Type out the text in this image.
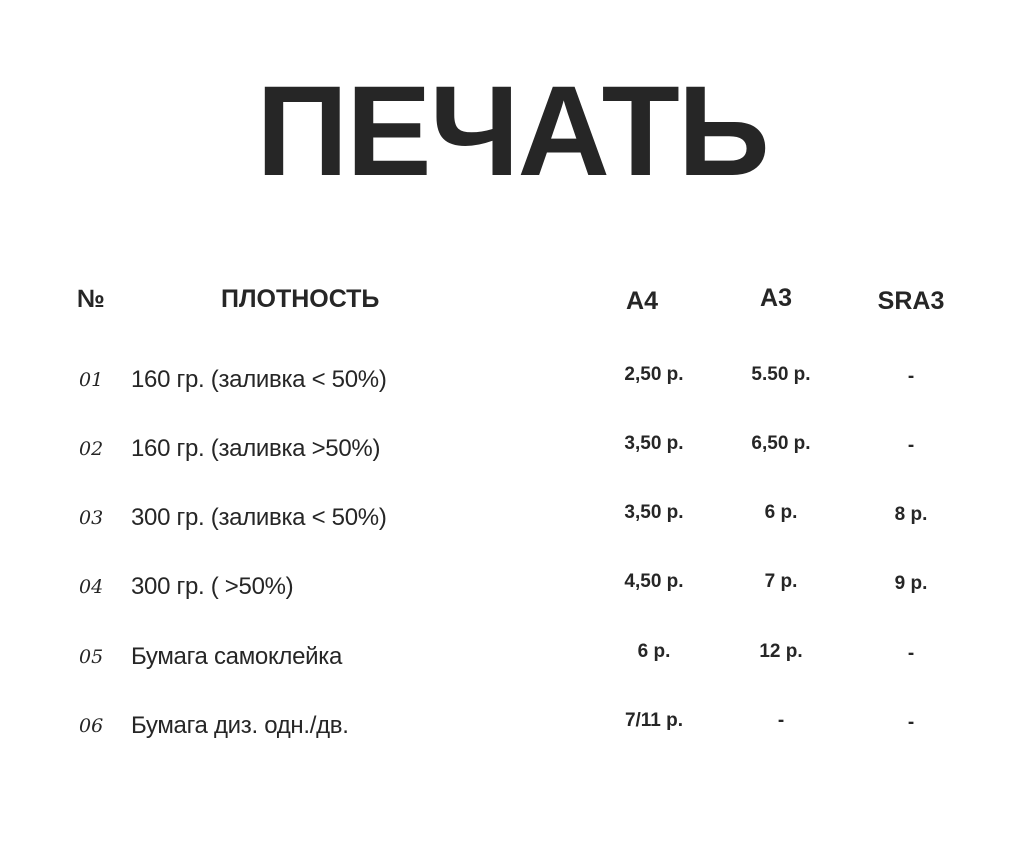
ПЕЧАТЬ
№	ПЛОТНОСТЬ	А4	А3	SRA3
01 160 гр. (заливка < 50%)	2,50 р.	5.50 р.	-
02 160 гр. (заливка >50%)	3,50 р.	6,50 р.	-
03 300 гр. (заливка < 50%)	3,50 р.	6 р.	8 р.
04 300 гр. ( >50%)	4,50 р.	7 р.	9 р.
05 Бумага самоклейка	6 р.	12 р.	-
06 Бумага диз. одн./дв.	7/11 р.	-	-
